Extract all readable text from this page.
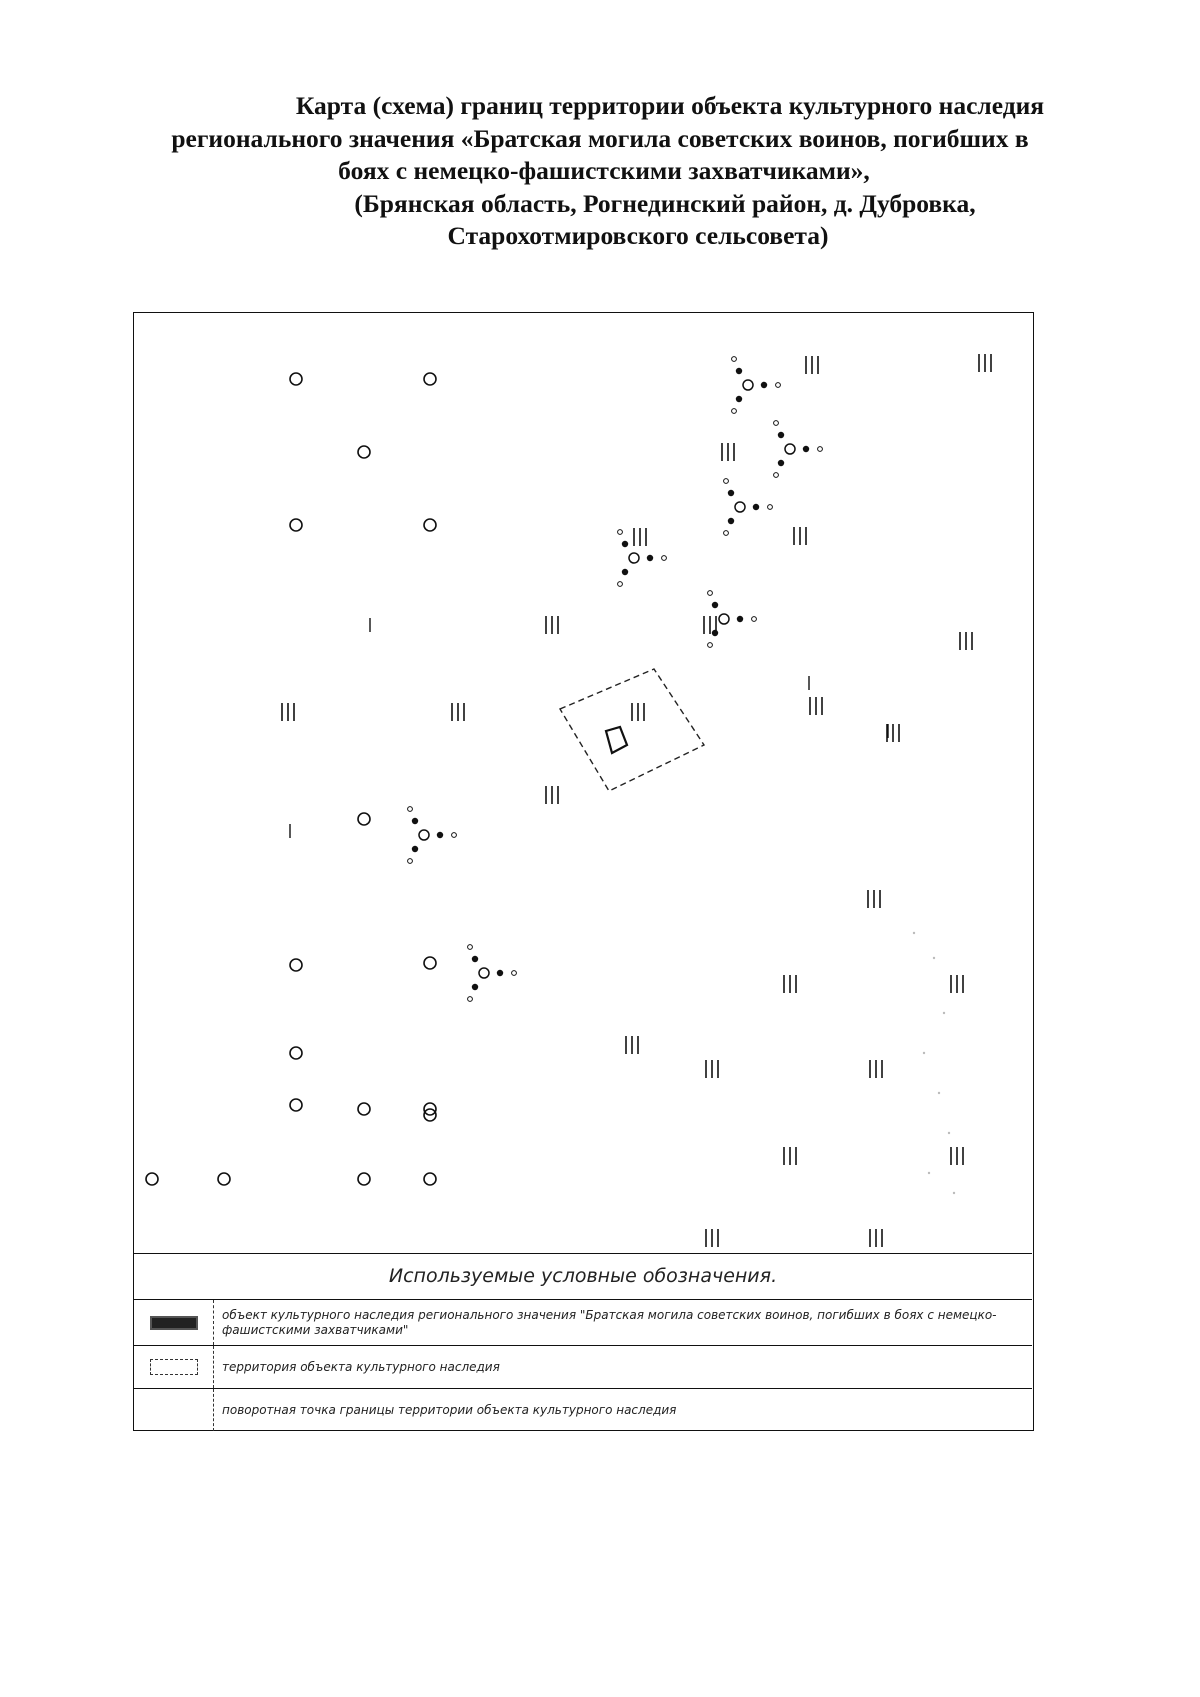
Карта (схема) границ территории объекта культурного наследия
регионального значения «Братская могила советских воинов, погибших в
боях с немецко-фашистскими захватчиками»,
(Брянская область, Рогнединский район, д. Дубровка,
Старохотмировского сельсовета)
Используемые условные обозначения.
объект культурного наследия регионального значения "Братская могила советских воинов, погибших в боях с немецко-фашистскими захватчиками"
территория объекта культурного наследия
поворотная точка границы территории объекта культурного наследия
